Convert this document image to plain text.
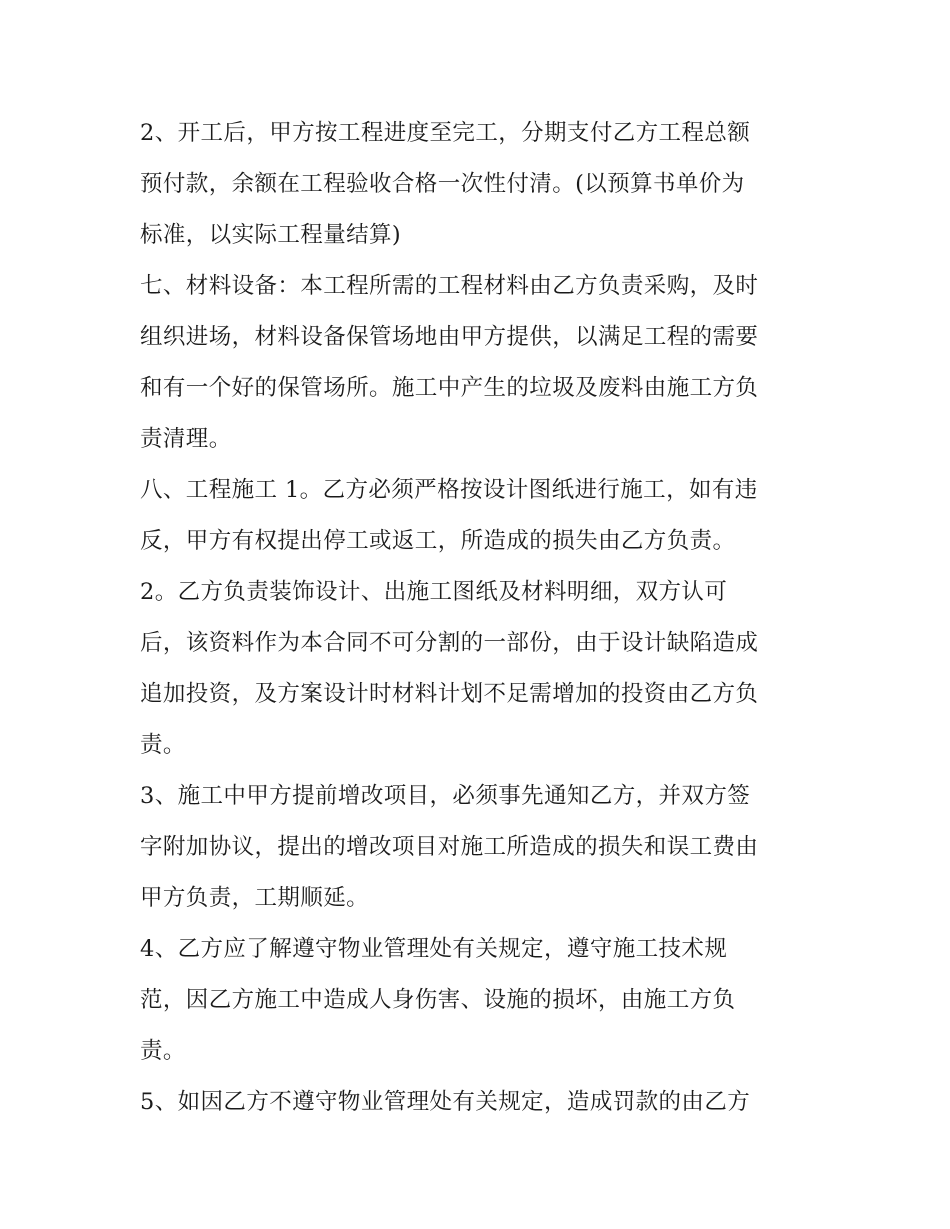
2、开工后，甲方按工程进度至完工，分期支付乙方工程总额
预付款，余额在工程验收合格一次性付清。(以预算书单价为
标准，以实际工程量结算)
七、材料设备：本工程所需的工程材料由乙方负责采购，及时
组织进场，材料设备保管场地由甲方提供，以满足工程的需要
和有一个好的保管场所。施工中产生的垃圾及废料由施工方负
责清理。
八、工程施工 1。乙方必须严格按设计图纸进行施工，如有违
反，甲方有权提出停工或返工，所造成的损失由乙方负责。
2。乙方负责装饰设计、出施工图纸及材料明细，双方认可
后，该资料作为本合同不可分割的一部份，由于设计缺陷造成
追加投资，及方案设计时材料计划不足需增加的投资由乙方负
责。
3、施工中甲方提前增改项目，必须事先通知乙方，并双方签
字附加协议，提出的增改项目对施工所造成的损失和误工费由
甲方负责，工期顺延。
4、乙方应了解遵守物业管理处有关规定，遵守施工技术规
范，因乙方施工中造成人身伤害、设施的损坏，由施工方负
责。
5、如因乙方不遵守物业管理处有关规定，造成罚款的由乙方
